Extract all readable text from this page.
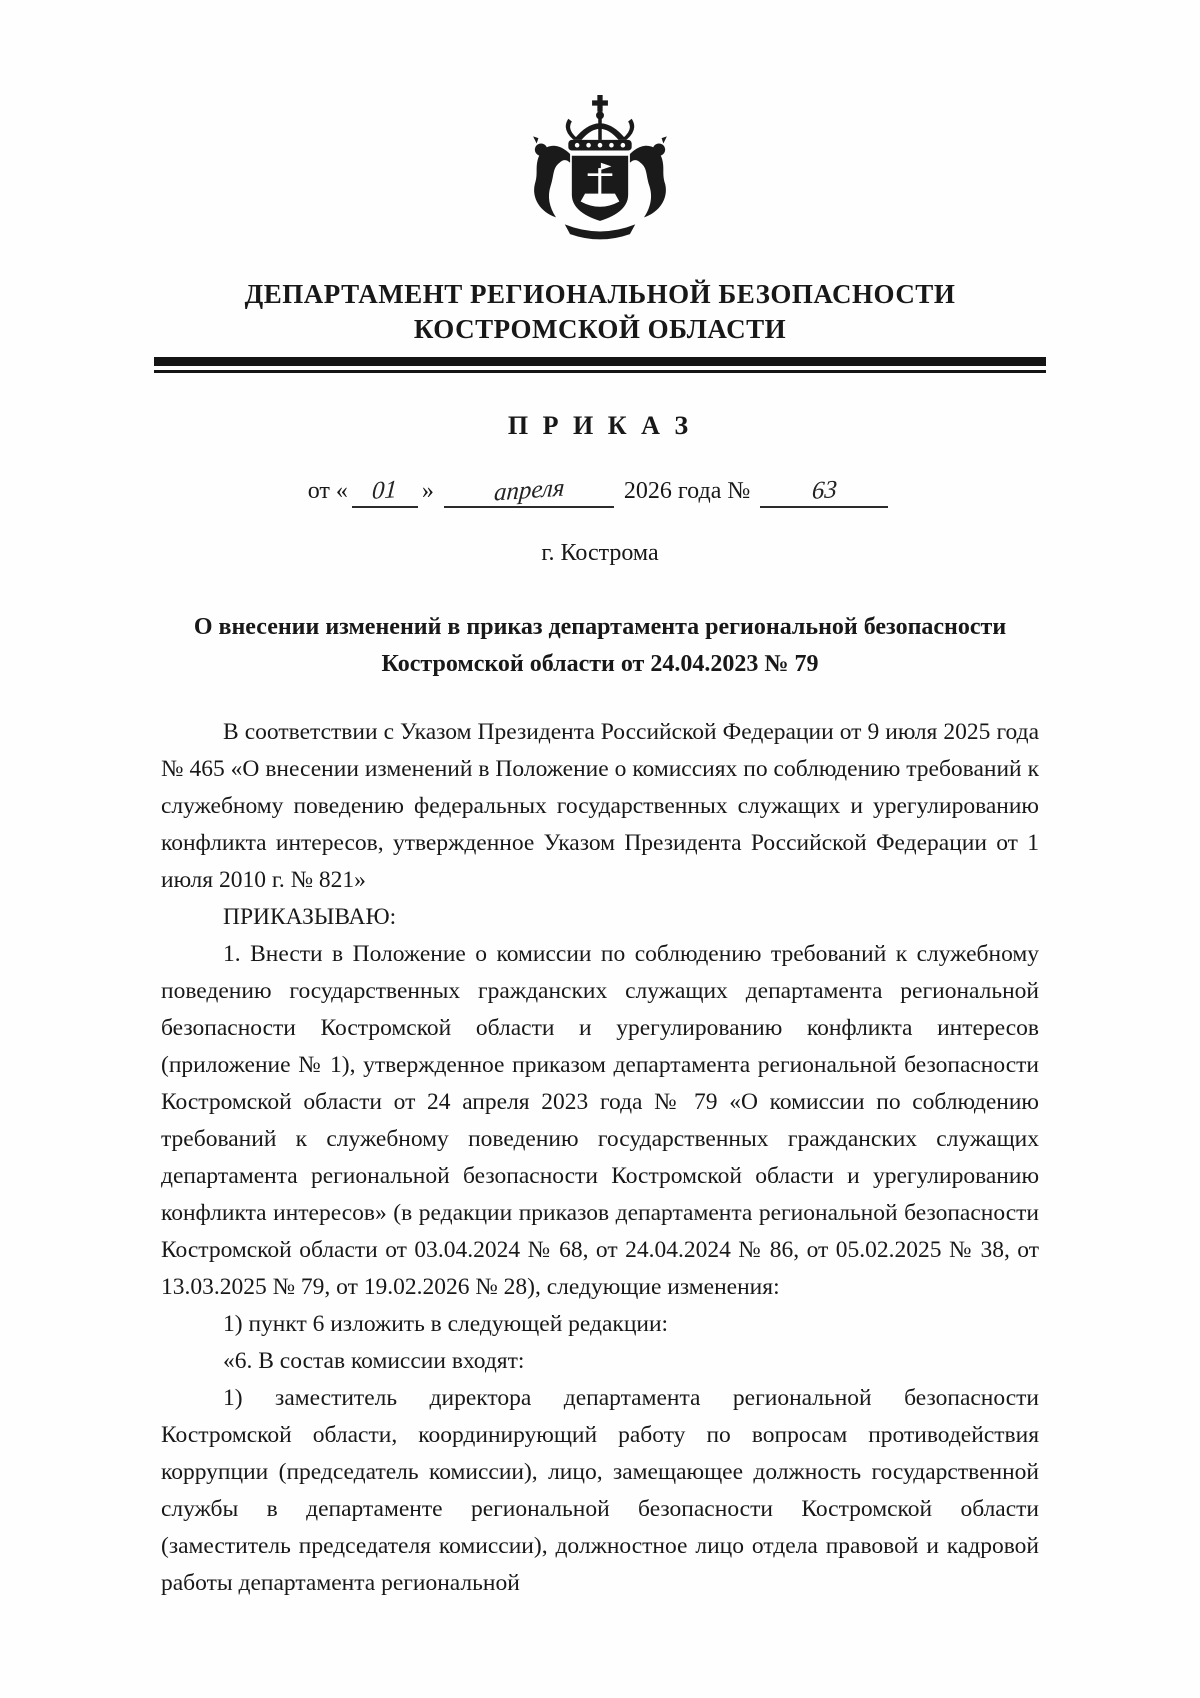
ДЕПАРТАМЕНТ РЕГИОНАЛЬНОЙ БЕЗОПАСНОСТИ
КОСТРОМСКОЙ ОБЛАСТИ
П Р И К А З
от « 01 » апреля 2026 года № 63
г. Кострома
О внесении изменений в приказ департамента региональной безопасности Костромской области от 24.04.2023 № 79

В соответствии с Указом Президента Российской Федерации от 9 июля 2025 года № 465 «О внесении изменений в Положение о комиссиях по соблюдению требований к служебному поведению федеральных государственных служащих и урегулированию конфликта интересов, утвержденное Указом Президента Российской Федерации от 1 июля 2010 г. № 821»

ПРИКАЗЫВАЮ:

1. Внести в Положение о комиссии по соблюдению требований к служебному поведению государственных гражданских служащих департамента региональной безопасности Костромской области и урегулированию конфликта интересов (приложение № 1), утвержденное приказом департамента региональной безопасности Костромской области от 24 апреля 2023 года № 79 «О комиссии по соблюдению требований к служебному поведению государственных гражданских служащих департамента региональной безопасности Костромской области и урегулированию конфликта интересов» (в редакции приказов департамента региональной безопасности Костромской области от 03.04.2024 № 68, от 24.04.2024 № 86, от 05.02.2025 № 38, от 13.03.2025 № 79, от 19.02.2026 № 28), следующие изменения:

1) пункт 6 изложить в следующей редакции:

«6. В состав комиссии входят:

1) заместитель директора департамента региональной безопасности Костромской области, координирующий работу по вопросам противодействия коррупции (председатель комиссии), лицо, замещающее должность государственной службы в департаменте региональной безопасности Костромской области (заместитель председателя комиссии), должностное лицо отдела правовой и кадровой работы департамента региональной
